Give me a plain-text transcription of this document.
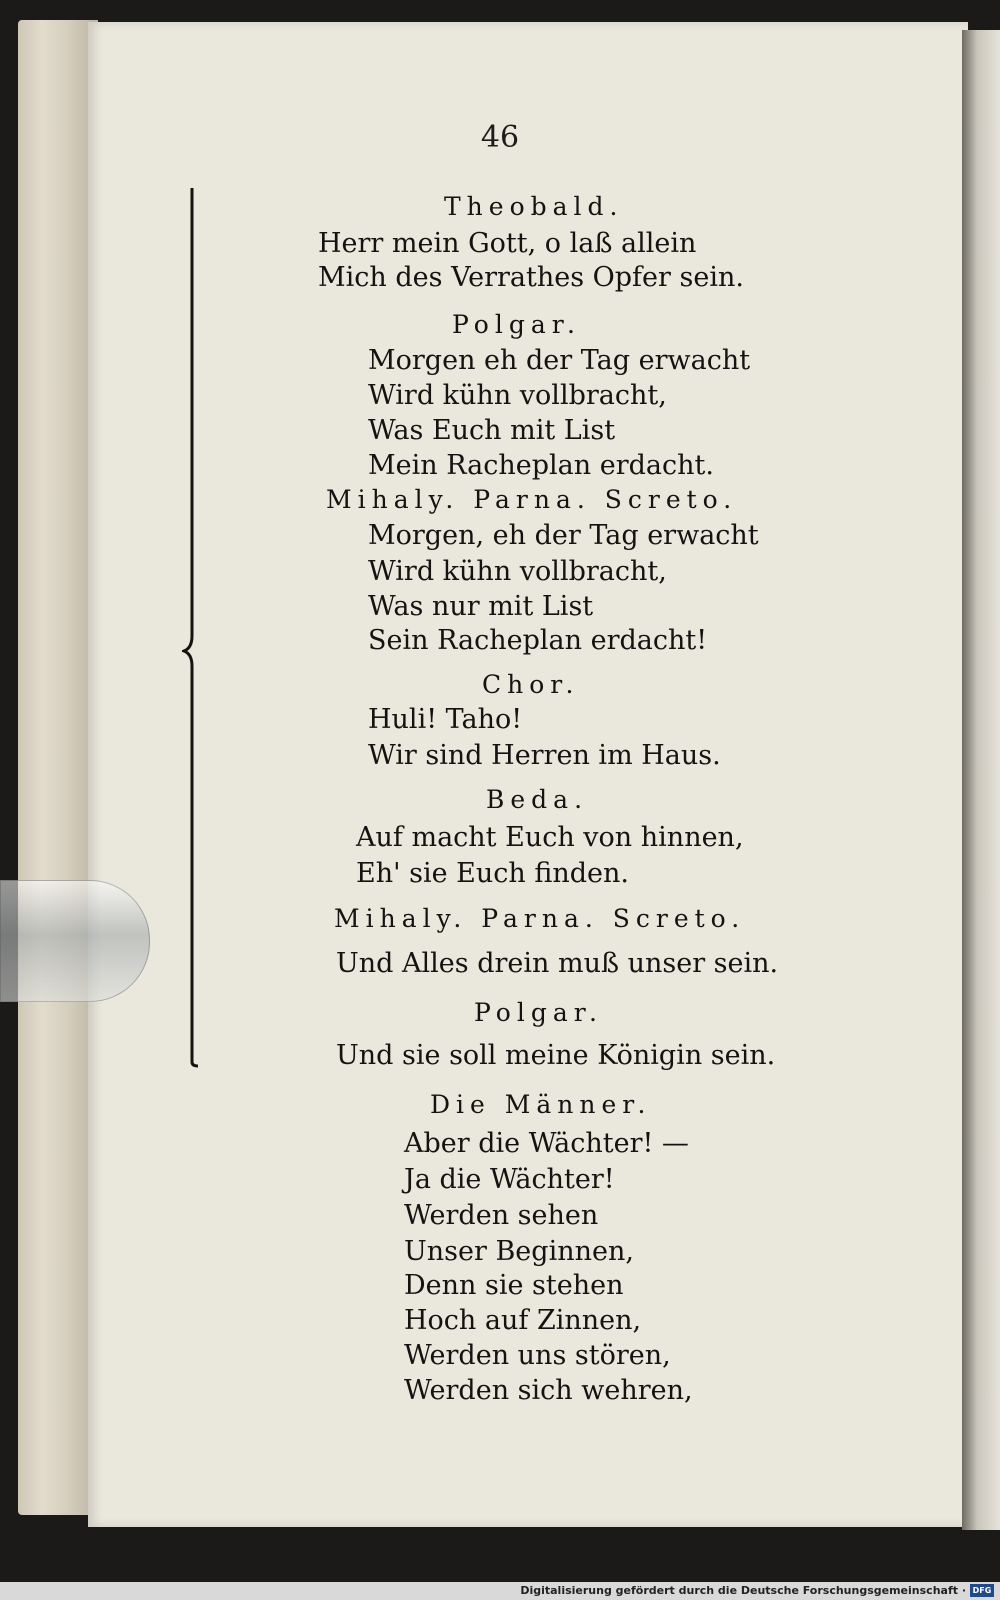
46
Theobald.
Herr mein Gott, o laß allein
Mich des Verrathes Opfer sein.
Polgar.
Morgen eh der Tag erwacht
Wird kühn vollbracht,
Was Euch mit List
Mein Racheplan erdacht.
Mihaly. Parna. Screto.
Morgen, eh der Tag erwacht
Wird kühn vollbracht,
Was nur mit List
Sein Racheplan erdacht!
Chor.
Huli! Taho!
Wir sind Herren im Haus.
Beda.
Auf macht Euch von hinnen,
Eh' sie Euch finden.
Mihaly. Parna. Screto.
Und Alles drein muß unser sein.
Polgar.
Und sie soll meine Königin sein.
Die Männer.
Aber die Wächter! —
Ja die Wächter!
Werden sehen
Unser Beginnen,
Denn sie stehen
Hoch auf Zinnen,
Werden uns stören,
Werden sich wehren,
Digitalisierung gefördert durch die Deutsche Forschungsgemeinschaft · DFG
